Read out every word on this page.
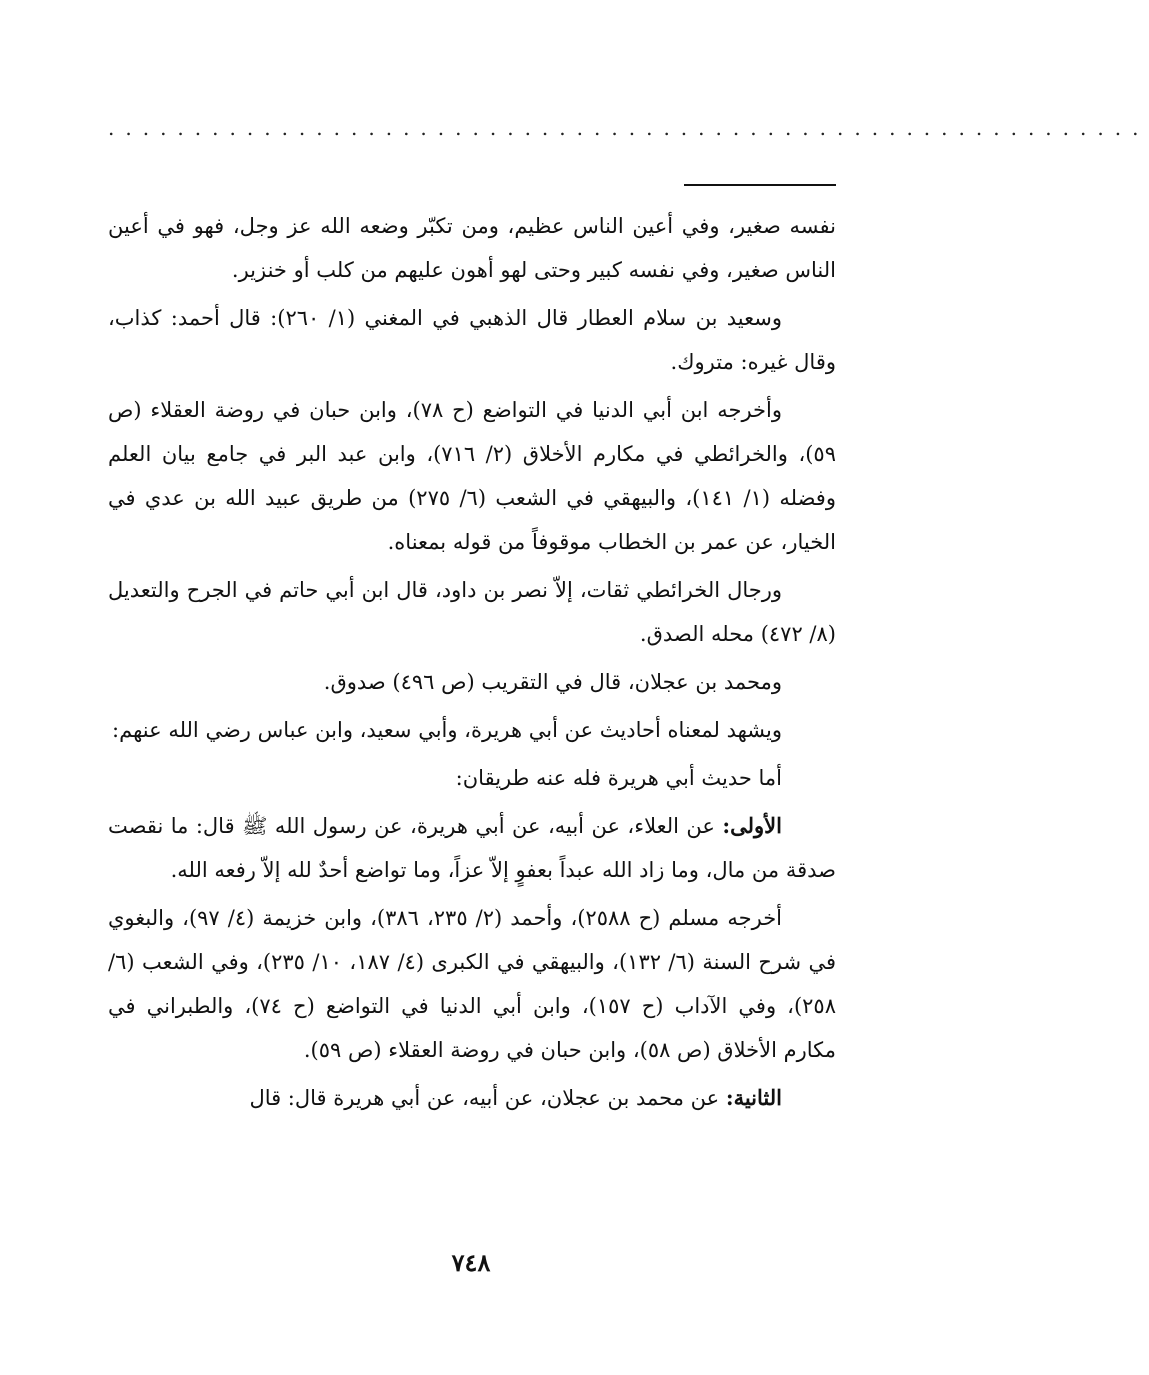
............................................................

نفسه صغير، وفي أعين الناس عظيم، ومن تكبّر وضعه الله عز وجل، فهو في أعين الناس صغير، وفي نفسه كبير وحتى لهو أهون عليهم من كلب أو خنزير.

وسعيد بن سلام العطار قال الذهبي في المغني (١/ ٢٦٠): قال أحمد: كذاب، وقال غيره: متروك.

وأخرجه ابن أبي الدنيا في التواضع (ح ٧٨)، وابن حبان في روضة العقلاء (ص ٥٩)، والخرائطي في مكارم الأخلاق (٢/ ٧١٦)، وابن عبد البر في جامع بيان العلم وفضله (١/ ١٤١)، والبيهقي في الشعب (٦/ ٢٧٥) من طريق عبيد الله بن عدي في الخيار، عن عمر بن الخطاب موقوفاً من قوله بمعناه.

ورجال الخرائطي ثقات، إلاّ نصر بن داود، قال ابن أبي حاتم في الجرح والتعديل (٨/ ٤٧٢) محله الصدق.

ومحمد بن عجلان، قال في التقريب (ص ٤٩٦) صدوق.

ويشهد لمعناه أحاديث عن أبي هريرة، وأبي سعيد، وابن عباس رضي الله عنهم:

أما حديث أبي هريرة فله عنه طريقان:

الأولى: عن العلاء، عن أبيه، عن أبي هريرة، عن رسول الله ﷺ قال: ما نقصت صدقة من مال، وما زاد الله عبداً بعفوٍ إلاّ عزاً، وما تواضع أحدٌ لله إلاّ رفعه الله.

أخرجه مسلم (ح ٢٥٨٨)، وأحمد (٢/ ٢٣٥، ٣٨٦)، وابن خزيمة (٤/ ٩٧)، والبغوي في شرح السنة (٦/ ١٣٢)، والبيهقي في الكبرى (٤/ ١٨٧، ١٠/ ٢٣٥)، وفي الشعب (٦/ ٢٥٨)، وفي الآداب (ح ١٥٧)، وابن أبي الدنيا في التواضع (ح ٧٤)، والطبراني في مكارم الأخلاق (ص ٥٨)، وابن حبان في روضة العقلاء (ص ٥٩).

الثانية: عن محمد بن عجلان، عن أبيه، عن أبي هريرة قال: قال

٧٤٨
